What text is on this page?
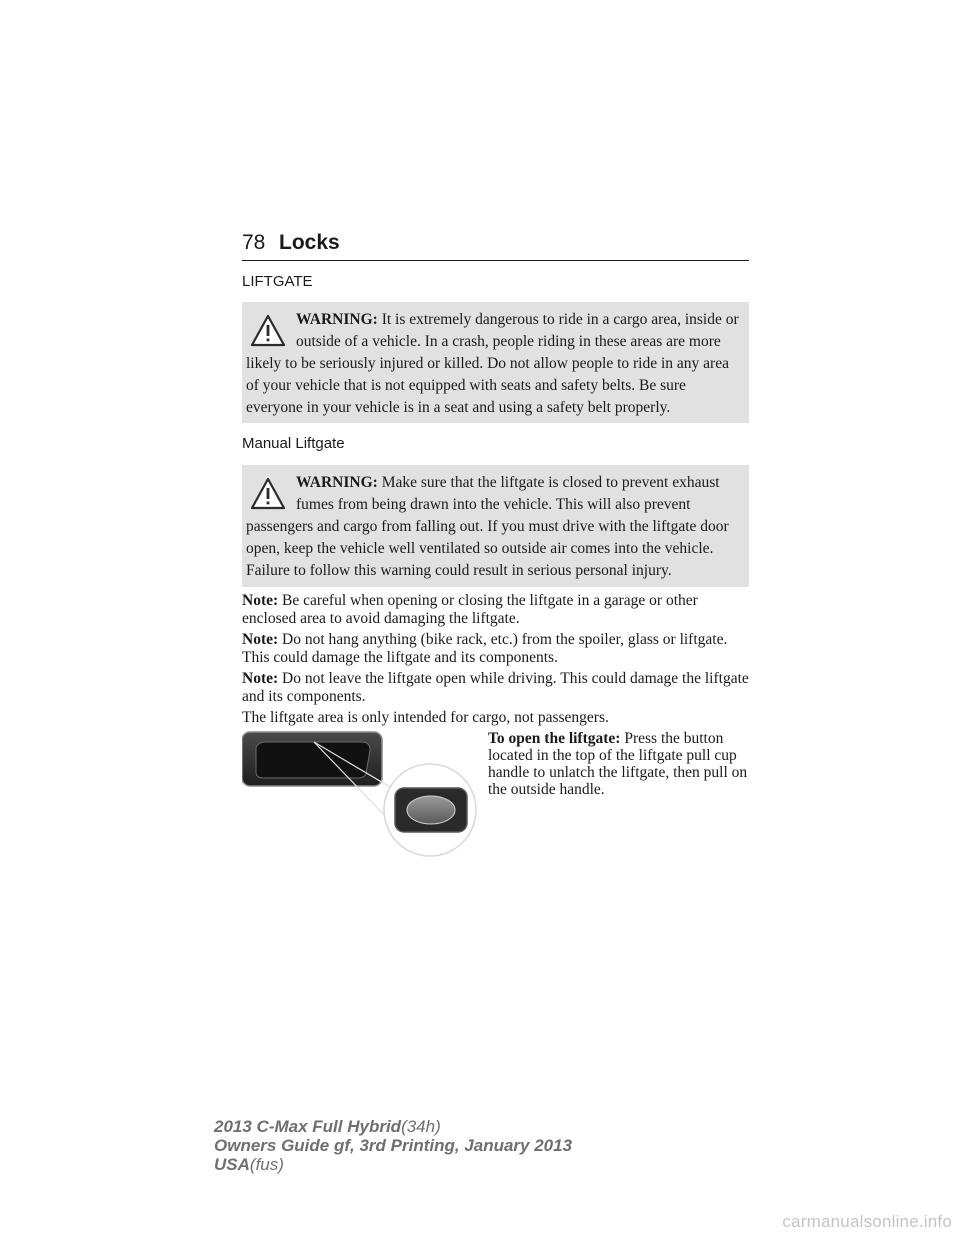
78 Locks
LIFTGATE
WARNING: It is extremely dangerous to ride in a cargo area, inside or outside of a vehicle. In a crash, people riding in these areas are more likely to be seriously injured or killed. Do not allow people to ride in any area of your vehicle that is not equipped with seats and safety belts. Be sure everyone in your vehicle is in a seat and using a safety belt properly.
Manual Liftgate
WARNING: Make sure that the liftgate is closed to prevent exhaust fumes from being drawn into the vehicle. This will also prevent passengers and cargo from falling out. If you must drive with the liftgate door open, keep the vehicle well ventilated so outside air comes into the vehicle. Failure to follow this warning could result in serious personal injury.
Note: Be careful when opening or closing the liftgate in a garage or other enclosed area to avoid damaging the liftgate.
Note: Do not hang anything (bike rack, etc.) from the spoiler, glass or liftgate. This could damage the liftgate and its components.
Note: Do not leave the liftgate open while driving. This could damage the liftgate and its components.
The liftgate area is only intended for cargo, not passengers.
To open the liftgate: Press the button located in the top of the liftgate pull cup handle to unlatch the liftgate, then pull on the outside handle.
2013 C-Max Full Hybrid(34h)
Owners Guide gf, 3rd Printing, January 2013
USA(fus)
carmanualsonline.info
